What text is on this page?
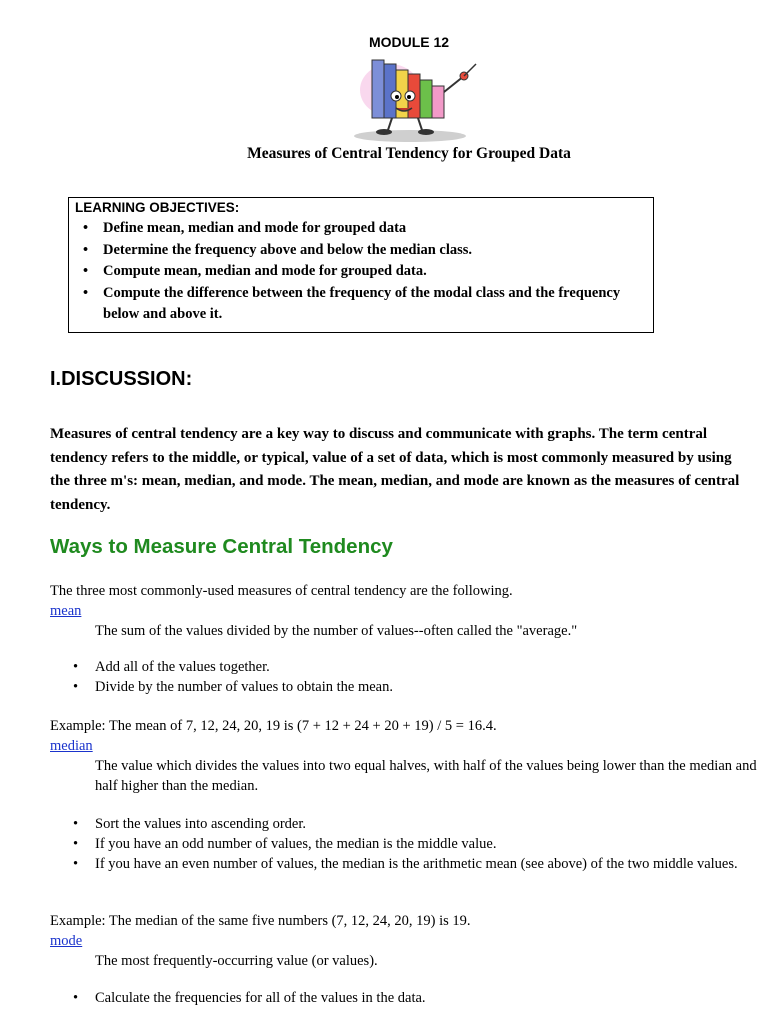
MODULE 12
Measures of Central Tendency for Grouped Data
LEARNING OBJECTIVES:
• Define mean, median and mode for grouped data
• Determine the frequency above and below the median class.
• Compute mean, median and mode for grouped data.
• Compute the difference between the frequency of the modal class and the frequency below and above it.
I.DISCUSSION:

Measures of central tendency are a key way to discuss and communicate with graphs. The term central tendency refers to the middle, or typical, value of a set of data, which is most commonly measured by using the three m's: mean, median, and mode. The mean, median, and mode are known as the measures of central tendency.

Ways to Measure Central Tendency
The three most commonly-used measures of central tendency are the following.
mean
The sum of the values divided by the number of values--often called the "average."
• Add all of the values together.
• Divide by the number of values to obtain the mean.
Example: The mean of 7, 12, 24, 20, 19 is (7 + 12 + 24 + 20 + 19) / 5 = 16.4.
median
The value which divides the values into two equal halves, with half of the values being lower than the median and half higher than the median.
• Sort the values into ascending order.
• If you have an odd number of values, the median is the middle value.
• If you have an even number of values, the median is the arithmetic mean (see above) of the two middle values.
Example: The median of the same five numbers (7, 12, 24, 20, 19) is 19.
mode
The most frequently-occurring value (or values).
• Calculate the frequencies for all of the values in the data.
